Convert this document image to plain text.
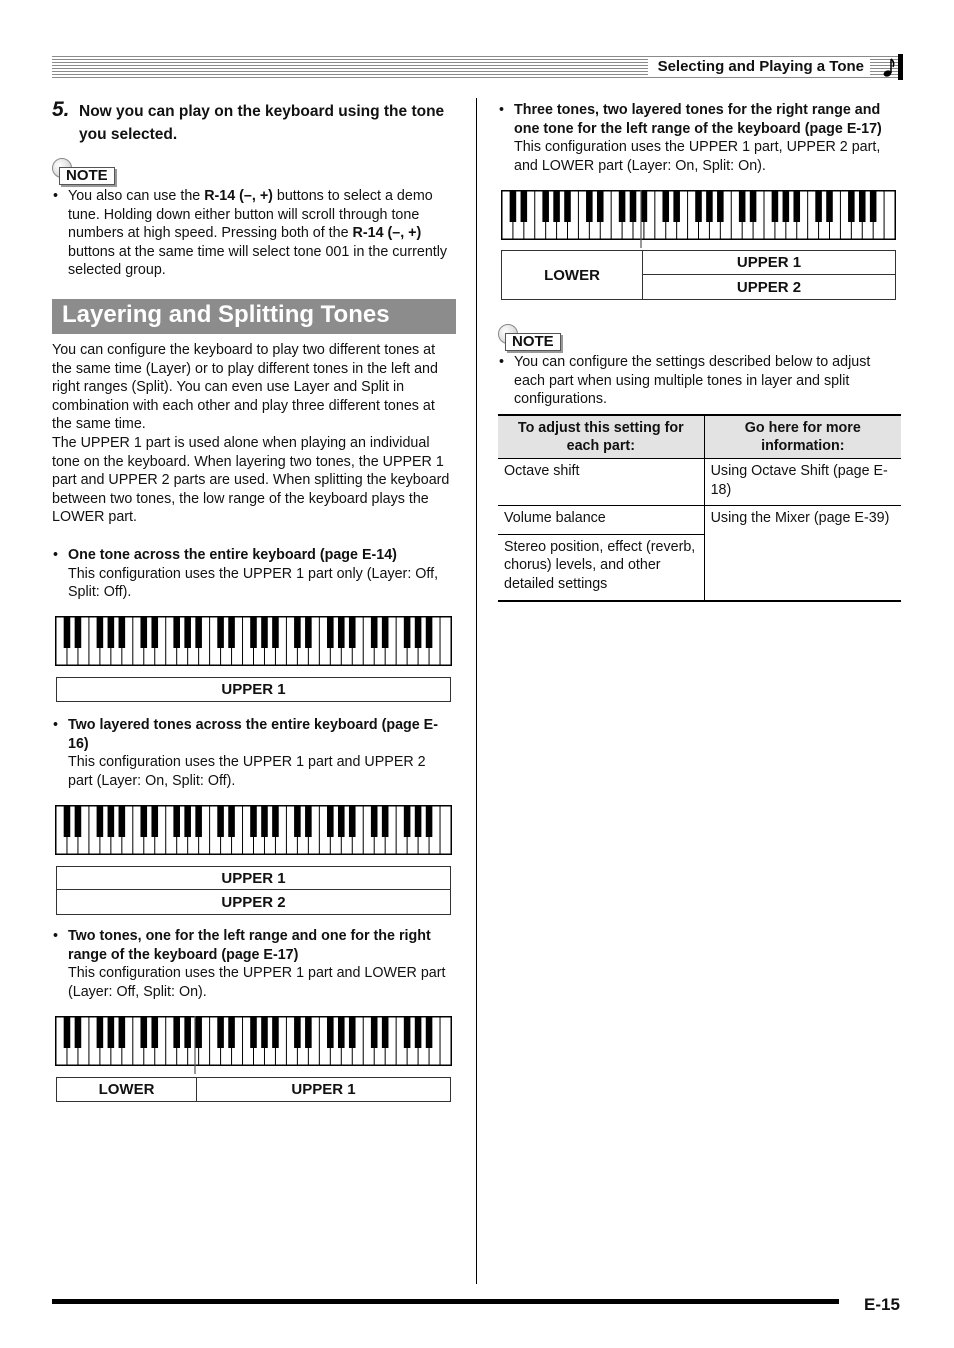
Selecting and Playing a Tone
5. Now you can play on the keyboard using the tone you selected.
NOTE
• You also can use the R-14 (–, +) buttons to select a demo tune. Holding down either button will scroll through tone numbers at high speed. Pressing both of the R-14 (–, +) buttons at the same time will select tone 001 in the currently selected group.
Layering and Splitting Tones
You can configure the keyboard to play two different tones at the same time (Layer) or to play different tones in the left and right ranges (Split). You can even use Layer and Split in combination with each other and play three different tones at the same time.
The UPPER 1 part is used alone when playing an individual tone on the keyboard. When layering two tones, the UPPER 1 part and UPPER 2 parts are used. When splitting the keyboard between two tones, the low range of the keyboard plays the LOWER part.
• One tone across the entire keyboard (page E-14)
This configuration uses the UPPER 1 part only (Layer: Off, Split: Off).
UPPER 1
• Two layered tones across the entire keyboard (page E-16)
This configuration uses the UPPER 1 part and UPPER 2 part (Layer: On, Split: Off).
UPPER 1
UPPER 2
• Two tones, one for the left range and one for the right range of the keyboard (page E-17)
This configuration uses the UPPER 1 part and LOWER part (Layer: Off, Split: On).
LOWER	UPPER 1
• Three tones, two layered tones for the right range and one tone for the left range of the keyboard (page E-17)
This configuration uses the UPPER 1 part, UPPER 2 part, and LOWER part (Layer: On, Split: On).
LOWER
UPPER 1
UPPER 2
NOTE
• You can configure the settings described below to adjust each part when using multiple tones in layer and split configurations.
To adjust this setting for each part:	Go here for more information:
Octave shift	Using Octave Shift (page E-18)
Volume balance	Using the Mixer (page E-39)
Stereo position, effect (reverb, chorus) levels, and other detailed settings	
E-15
